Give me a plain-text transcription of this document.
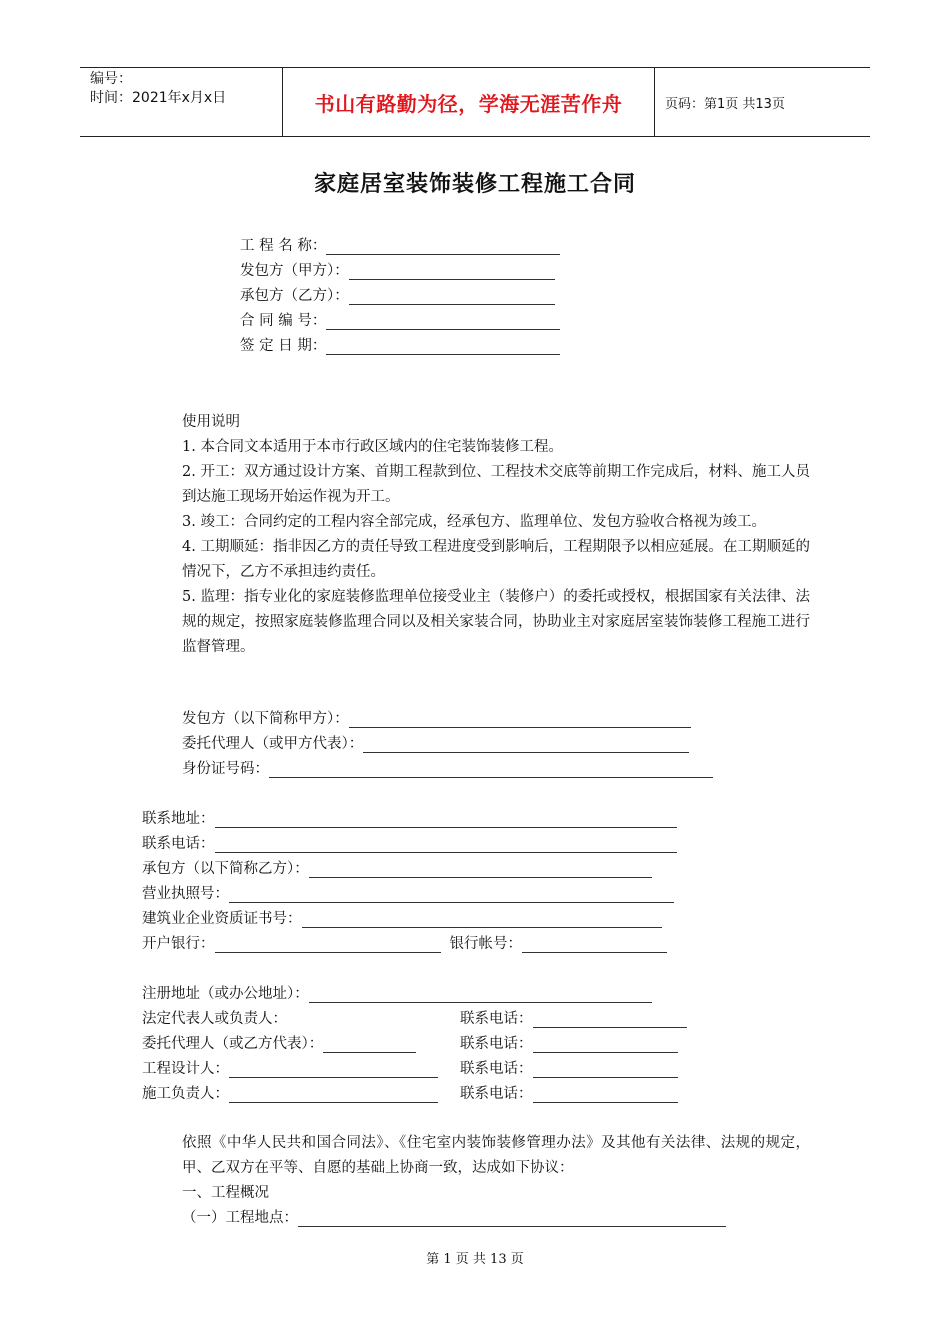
编号：
时间：2021年x月x日	书山有路勤为径，学海无涯苦作舟	页码：第1页 共13页
家庭居室装饰装修工程施工合同
工 程 名 称：
发包方（甲方）：
承包方（乙方）：
合 同 编 号：
签 定 日 期：
使用说明
1. 本合同文本适用于本市行政区域内的住宅装饰装修工程。
2. 开工：双方通过设计方案、首期工程款到位、工程技术交底等前期工作完成后，材料、施工人员到达施工现场开始运作视为开工。
3. 竣工：合同约定的工程内容全部完成，经承包方、监理单位、发包方验收合格视为竣工。
4. 工期顺延：指非因乙方的责任导致工程进度受到影响后，工程期限予以相应延展。在工期顺延的情况下，乙方不承担违约责任。
5. 监理：指专业化的家庭装修监理单位接受业主（装修户）的委托或授权，根据国家有关法律、法规的规定，按照家庭装修监理合同以及相关家装合同，协助业主对家庭居室装饰装修工程施工进行监督管理。
发包方（以下简称甲方）：
委托代理人（或甲方代表）：
身份证号码：
联系地址：
联系电话：
承包方（以下简称乙方）：
营业执照号：
建筑业企业资质证书号：
开户银行：	银行帐号：
注册地址（或办公地址）：
法定代表人或负责人：	联系电话：
委托代理人（或乙方代表）：	联系电话：
工程设计人：	联系电话：
施工负责人：	联系电话：
依照《中华人民共和国合同法》、《住宅室内装饰装修管理办法》及其他有关法律、法规的规定，甲、乙双方在平等、自愿的基础上协商一致，达成如下协议：
一、工程概况
（一）工程地点：
第 1 页 共 13 页
